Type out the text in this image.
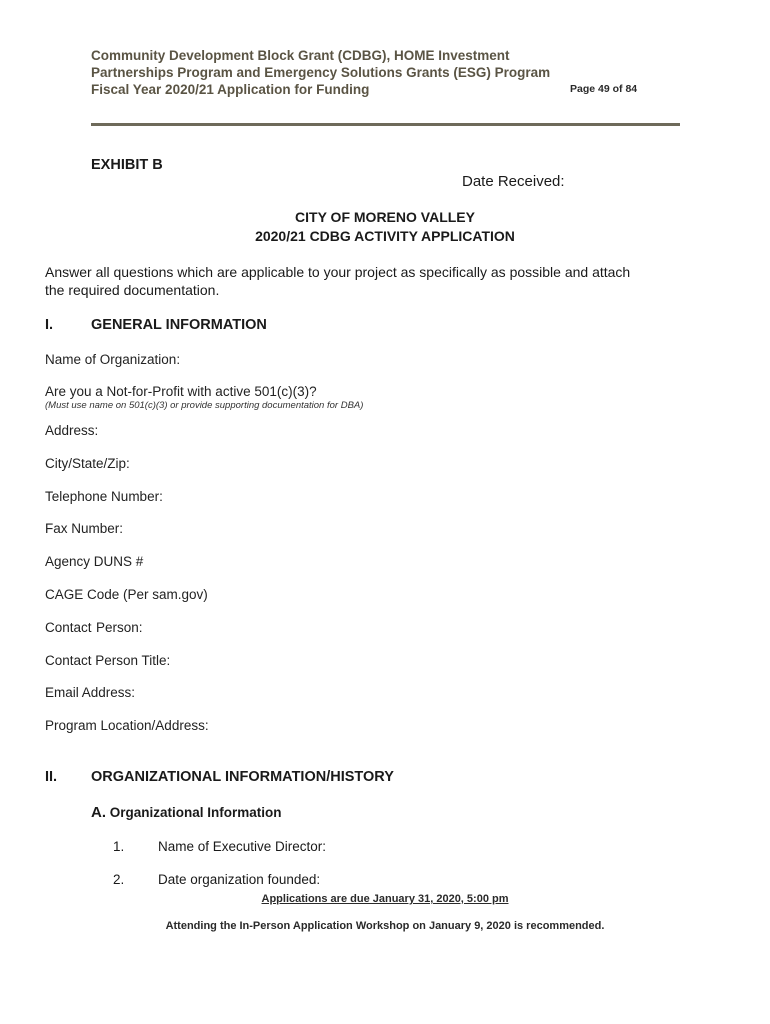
Community Development Block Grant (CDBG), HOME Investment
Partnerships Program and Emergency Solutions Grants (ESG) Program
Fiscal Year 2020/21 Application for Funding	Page 49 of 84
EXHIBIT B
Date Received:
CITY OF MORENO VALLEY
2020/21 CDBG ACTIVITY APPLICATION
Answer all questions which are applicable to your project as specifically as possible and attach
the required documentation.
I.	GENERAL INFORMATION
Name of Organization:
Are you a Not-for-Profit with active 501(c)(3)?
(Must use name on 501(c)(3) or provide supporting documentation for DBA)
Address:
City/State/Zip:
Telephone Number:
Fax Number:
Agency DUNS #
CAGE Code (Per sam.gov)
Contact Person:
Contact Person Title:
Email Address:
Program Location/Address:
II. ORGANIZATIONAL INFORMATION/HISTORY
A. Organizational Information
1. Name of Executive Director:
2. Date organization founded:
Applications are due January 31, 2020, 5:00 pm
Attending the In-Person Application Workshop on January 9, 2020 is recommended.
